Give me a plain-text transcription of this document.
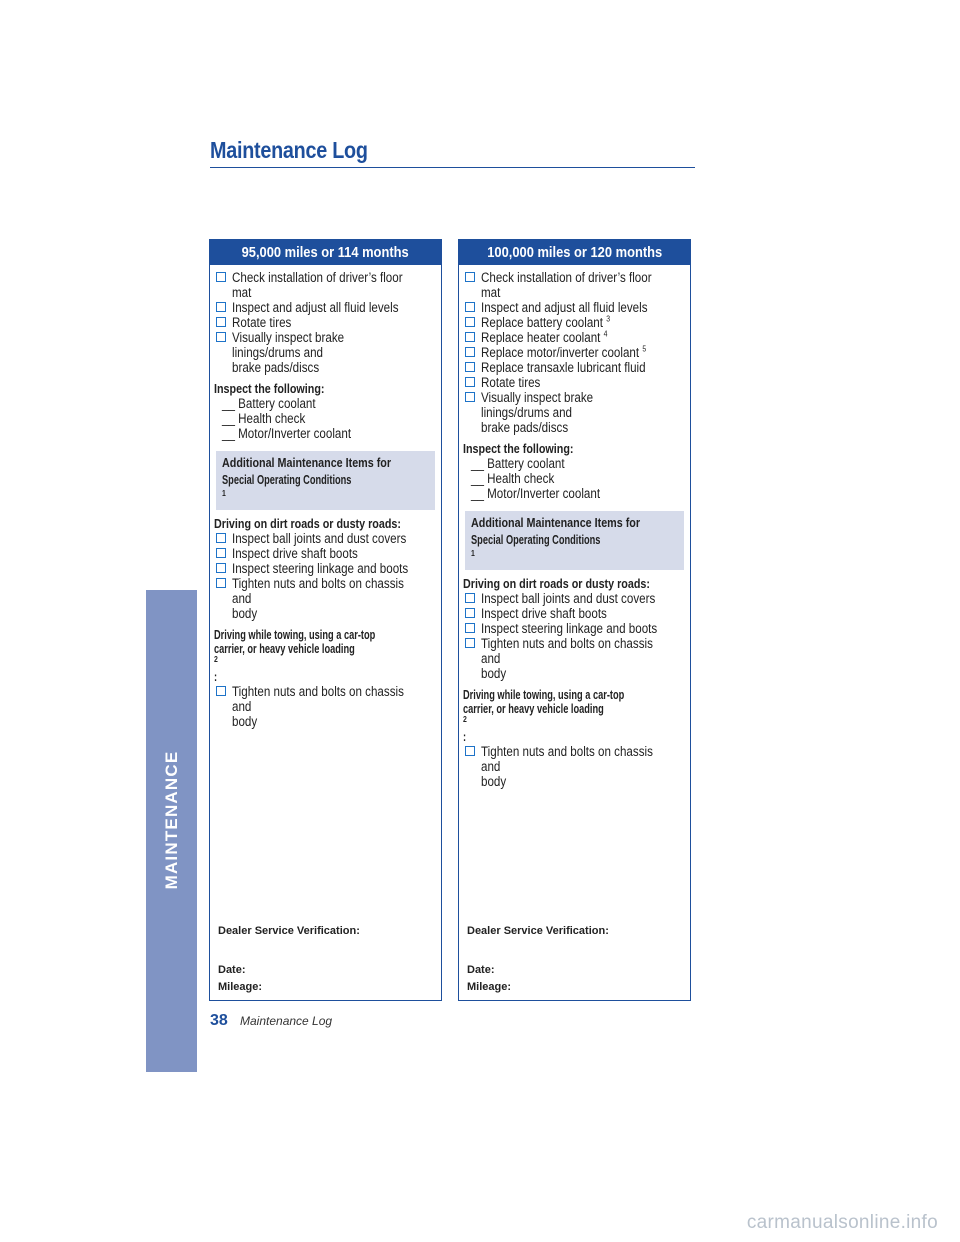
Maintenance Log
MAINTENANCE
95,000 miles or 114 months
Check installation of driver’s floor mat
Inspect and adjust all fluid levels
Rotate tires
Visually inspect brake linings/drums and
brake pads/discs
Inspect the following:
__ Battery coolant
__ Health check
__ Motor/Inverter coolant
Additional Maintenance Items for
Special Operating Conditions $^1$
Driving on dirt roads or dusty roads:
Inspect ball joints and dust covers
Inspect drive shaft boots
Inspect steering linkage and boots
Tighten nuts and bolts on chassis and
body
Driving while towing, using a car-top
carrier, or heavy vehicle loading$^2$:
Tighten nuts and bolts on chassis and
body
Dealer Service Verification:
Date:
Mileage:
100,000 miles or 120 months
Check installation of driver’s floor mat
Inspect and adjust all fluid levels
Replace battery coolant $^3$
Replace heater coolant $^4$
Replace motor/inverter coolant $^5$
Replace transaxle lubricant fluid
Rotate tires
Visually inspect brake linings/drums and
brake pads/discs
Inspect the following:
__ Battery coolant
__ Health check
__ Motor/Inverter coolant
Additional Maintenance Items for
Special Operating Conditions $^1$
Driving on dirt roads or dusty roads:
Inspect ball joints and dust covers
Inspect drive shaft boots
Inspect steering linkage and boots
Tighten nuts and bolts on chassis and
body
Driving while towing, using a car-top
carrier, or heavy vehicle loading$^2$:
Tighten nuts and bolts on chassis and
body
Dealer Service Verification:
Date:
Mileage:
38 Maintenance Log
carmanualsonline.info
